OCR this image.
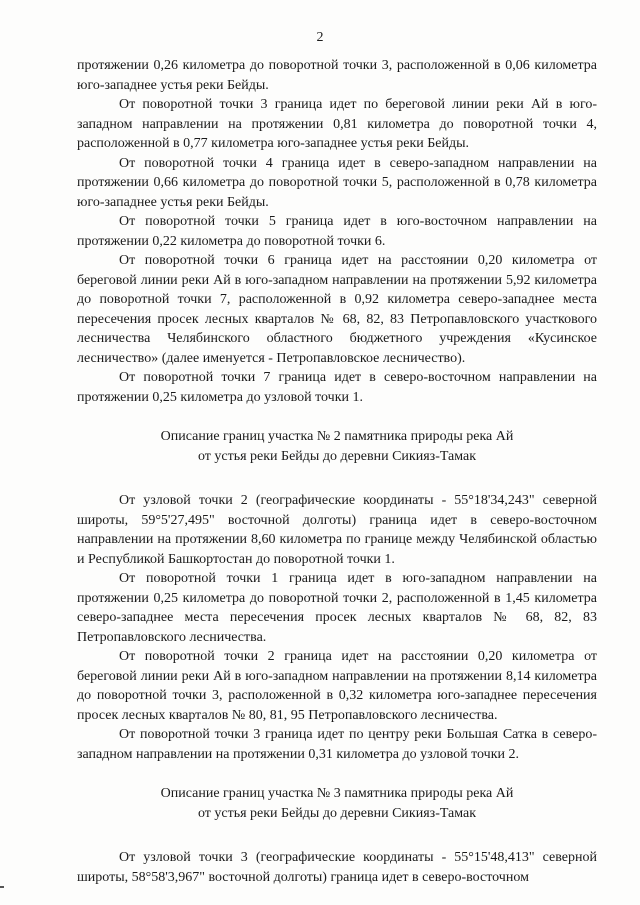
2

протяжении 0,26 километра до поворотной точки 3, расположенной в 0,06 километра юго-западнее устья реки Бейды.

От поворотной точки 3 граница идет по береговой линии реки Ай в юго-западном направлении на протяжении 0,81 километра до поворотной точки 4, расположенной в 0,77 километра юго-западнее устья реки Бейды.

От поворотной точки 4 граница идет в северо-западном направлении на протяжении 0,66 километра до поворотной точки 5, расположенной в 0,78 километра юго-западнее устья реки Бейды.

От поворотной точки 5 граница идет в юго-восточном направлении на протяжении 0,22 километра до поворотной точки 6.

От поворотной точки 6 граница идет на расстоянии 0,20 километра от береговой линии реки Ай в юго-западном направлении на протяжении 5,92 километра до поворотной точки 7, расположенной в 0,92 километра северо-западнее места пересечения просек лесных кварталов № 68, 82, 83 Петропавловского участкового лесничества Челябинского областного бюджетного учреждения «Кусинское лесничество» (далее именуется - Петропавловское лесничество).

От поворотной точки 7 граница идет в северо-восточном направлении на протяжении 0,25 километра до узловой точки 1.

Описание границ участка № 2 памятника природы река Ай
от устья реки Бейды до деревни Сикияз-Тамак

От узловой точки 2 (географические координаты - 55°18'34,243" северной широты, 59°5'27,495" восточной долготы) граница идет в северо-восточном направлении на протяжении 8,60 километра по границе между Челябинской областью и Республикой Башкортостан до поворотной точки 1.

От поворотной точки 1 граница идет в юго-западном направлении на протяжении 0,25 километра до поворотной точки 2, расположенной в 1,45 километра северо-западнее места пересечения просек лесных кварталов № 68, 82, 83 Петропавловского лесничества.

От поворотной точки 2 граница идет на расстоянии 0,20 километра от береговой линии реки Ай в юго-западном направлении на протяжении 8,14 километра до поворотной точки 3, расположенной в 0,32 километра юго-западнее пересечения просек лесных кварталов № 80, 81, 95 Петропавловского лесничества.

От поворотной точки 3 граница идет по центру реки Большая Сатка в северо-западном направлении на протяжении 0,31 километра до узловой точки 2.

Описание границ участка № 3 памятника природы река Ай
от устья реки Бейды до деревни Сикияз-Тамак

От узловой точки 3 (географические координаты - 55°15'48,413" северной широты, 58°58'3,967" восточной долготы) граница идет в северо-восточном
